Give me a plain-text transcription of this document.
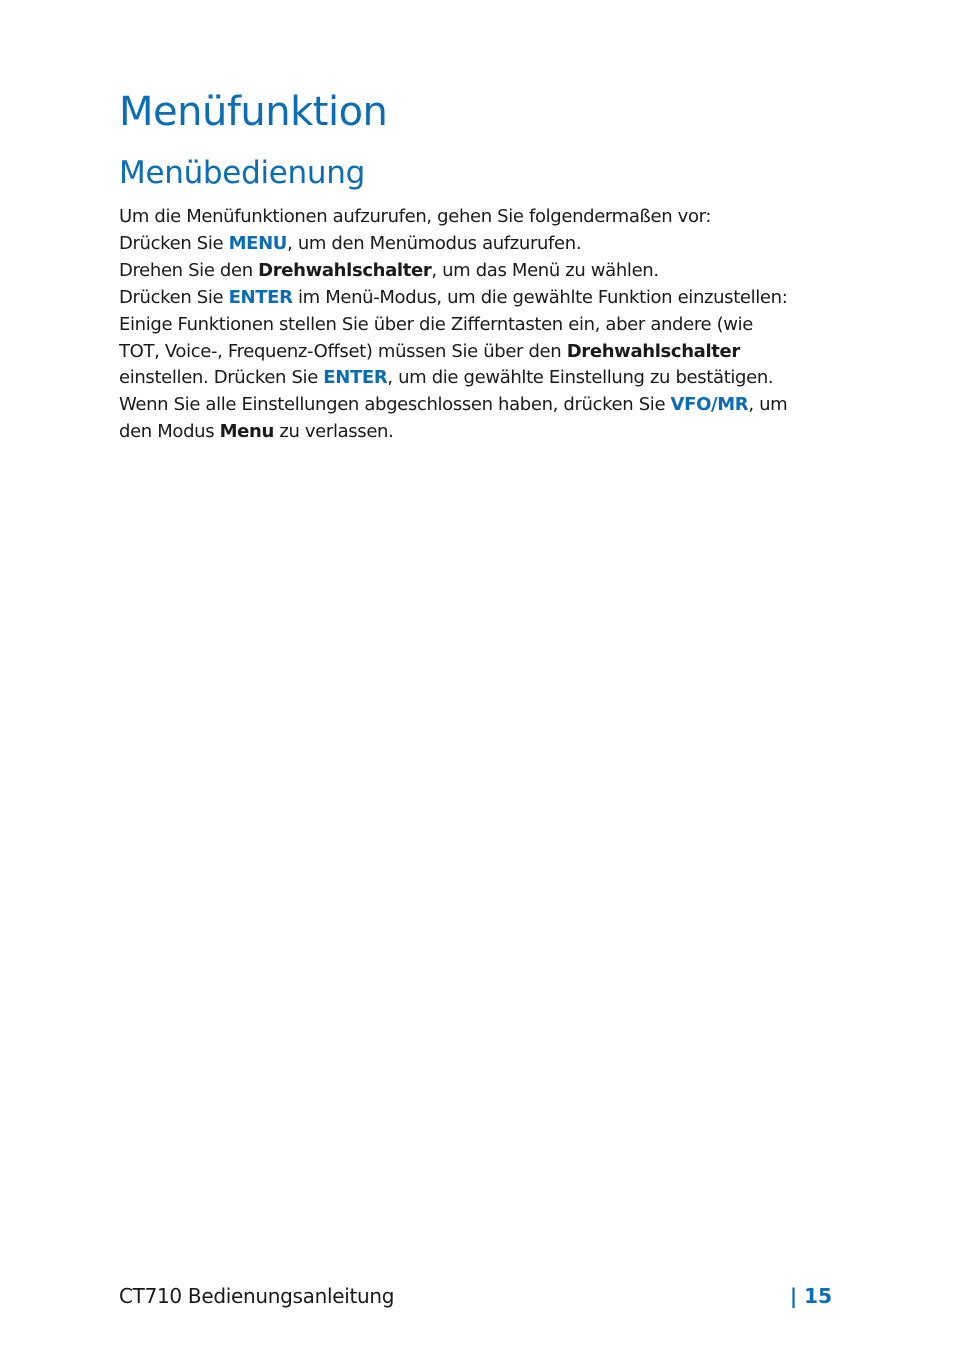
Menüfunktion
Menübedienung

Um die Menüfunktionen aufzurufen, gehen Sie folgendermaßen vor:
Drücken Sie MENU, um den Menümodus aufzurufen.
Drehen Sie den Drehwahlschalter, um das Menü zu wählen.
Drücken Sie ENTER im Menü-Modus, um die gewählte Funktion einzustellen:
Einige Funktionen stellen Sie über die Zifferntasten ein, aber andere (wie
TOT, Voice-, Frequenz-Offset) müssen Sie über den Drehwahlschalter
einstellen. Drücken Sie ENTER, um die gewählte Einstellung zu bestätigen.
Wenn Sie alle Einstellungen abgeschlossen haben, drücken Sie VFO/MR, um
den Modus Menu zu verlassen.

CT710 Bedienungsanleitung	| 15
